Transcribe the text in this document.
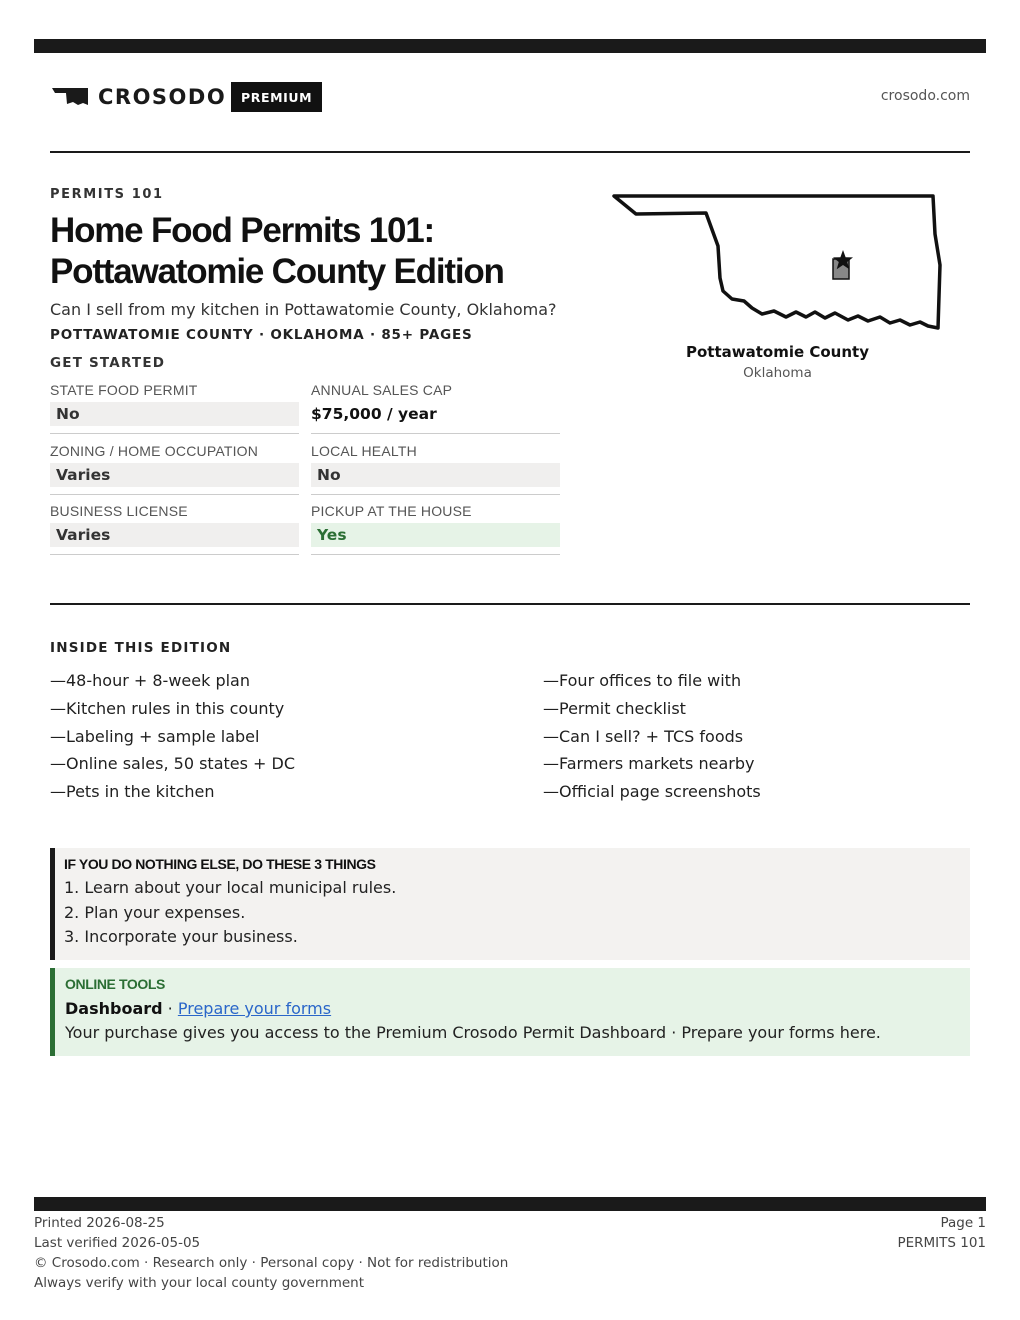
CROSODO	PREMIUM	crosodo.com
PERMITS 101
Home Food Permits 101:
Pottawatomie County Edition
Can I sell from my kitchen in Pottawatomie County, Oklahoma?
POTTAWATOMIE COUNTY · OKLAHOMA · 85+ PAGES
GET STARTED
STATE FOOD PERMIT
No
ANNUAL SALES CAP
$75,000 / year
ZONING / HOME OCCUPATION
Varies
LOCAL HEALTH
No
BUSINESS LICENSE
Varies
PICKUP AT THE HOUSE
Yes
Pottawatomie County
Oklahoma
INSIDE THIS EDITION
—48-hour + 8-week plan
—Kitchen rules in this county
—Labeling + sample label
—Online sales, 50 states + DC
—Pets in the kitchen
—Four offices to file with
—Permit checklist
—Can I sell? + TCS foods
—Farmers markets nearby
—Official page screenshots
IF YOU DO NOTHING ELSE, DO THESE 3 THINGS
1. Learn about your local municipal rules.
2. Plan your expenses.
3. Incorporate your business.
ONLINE TOOLS
Dashboard · Prepare your forms
Your purchase gives you access to the Premium Crosodo Permit Dashboard · Prepare your forms here.
Printed 2026-08-25
Last verified 2026-05-05
© Crosodo.com · Research only · Personal copy · Not for redistribution
Always verify with your local county government
Page 1
PERMITS 101
